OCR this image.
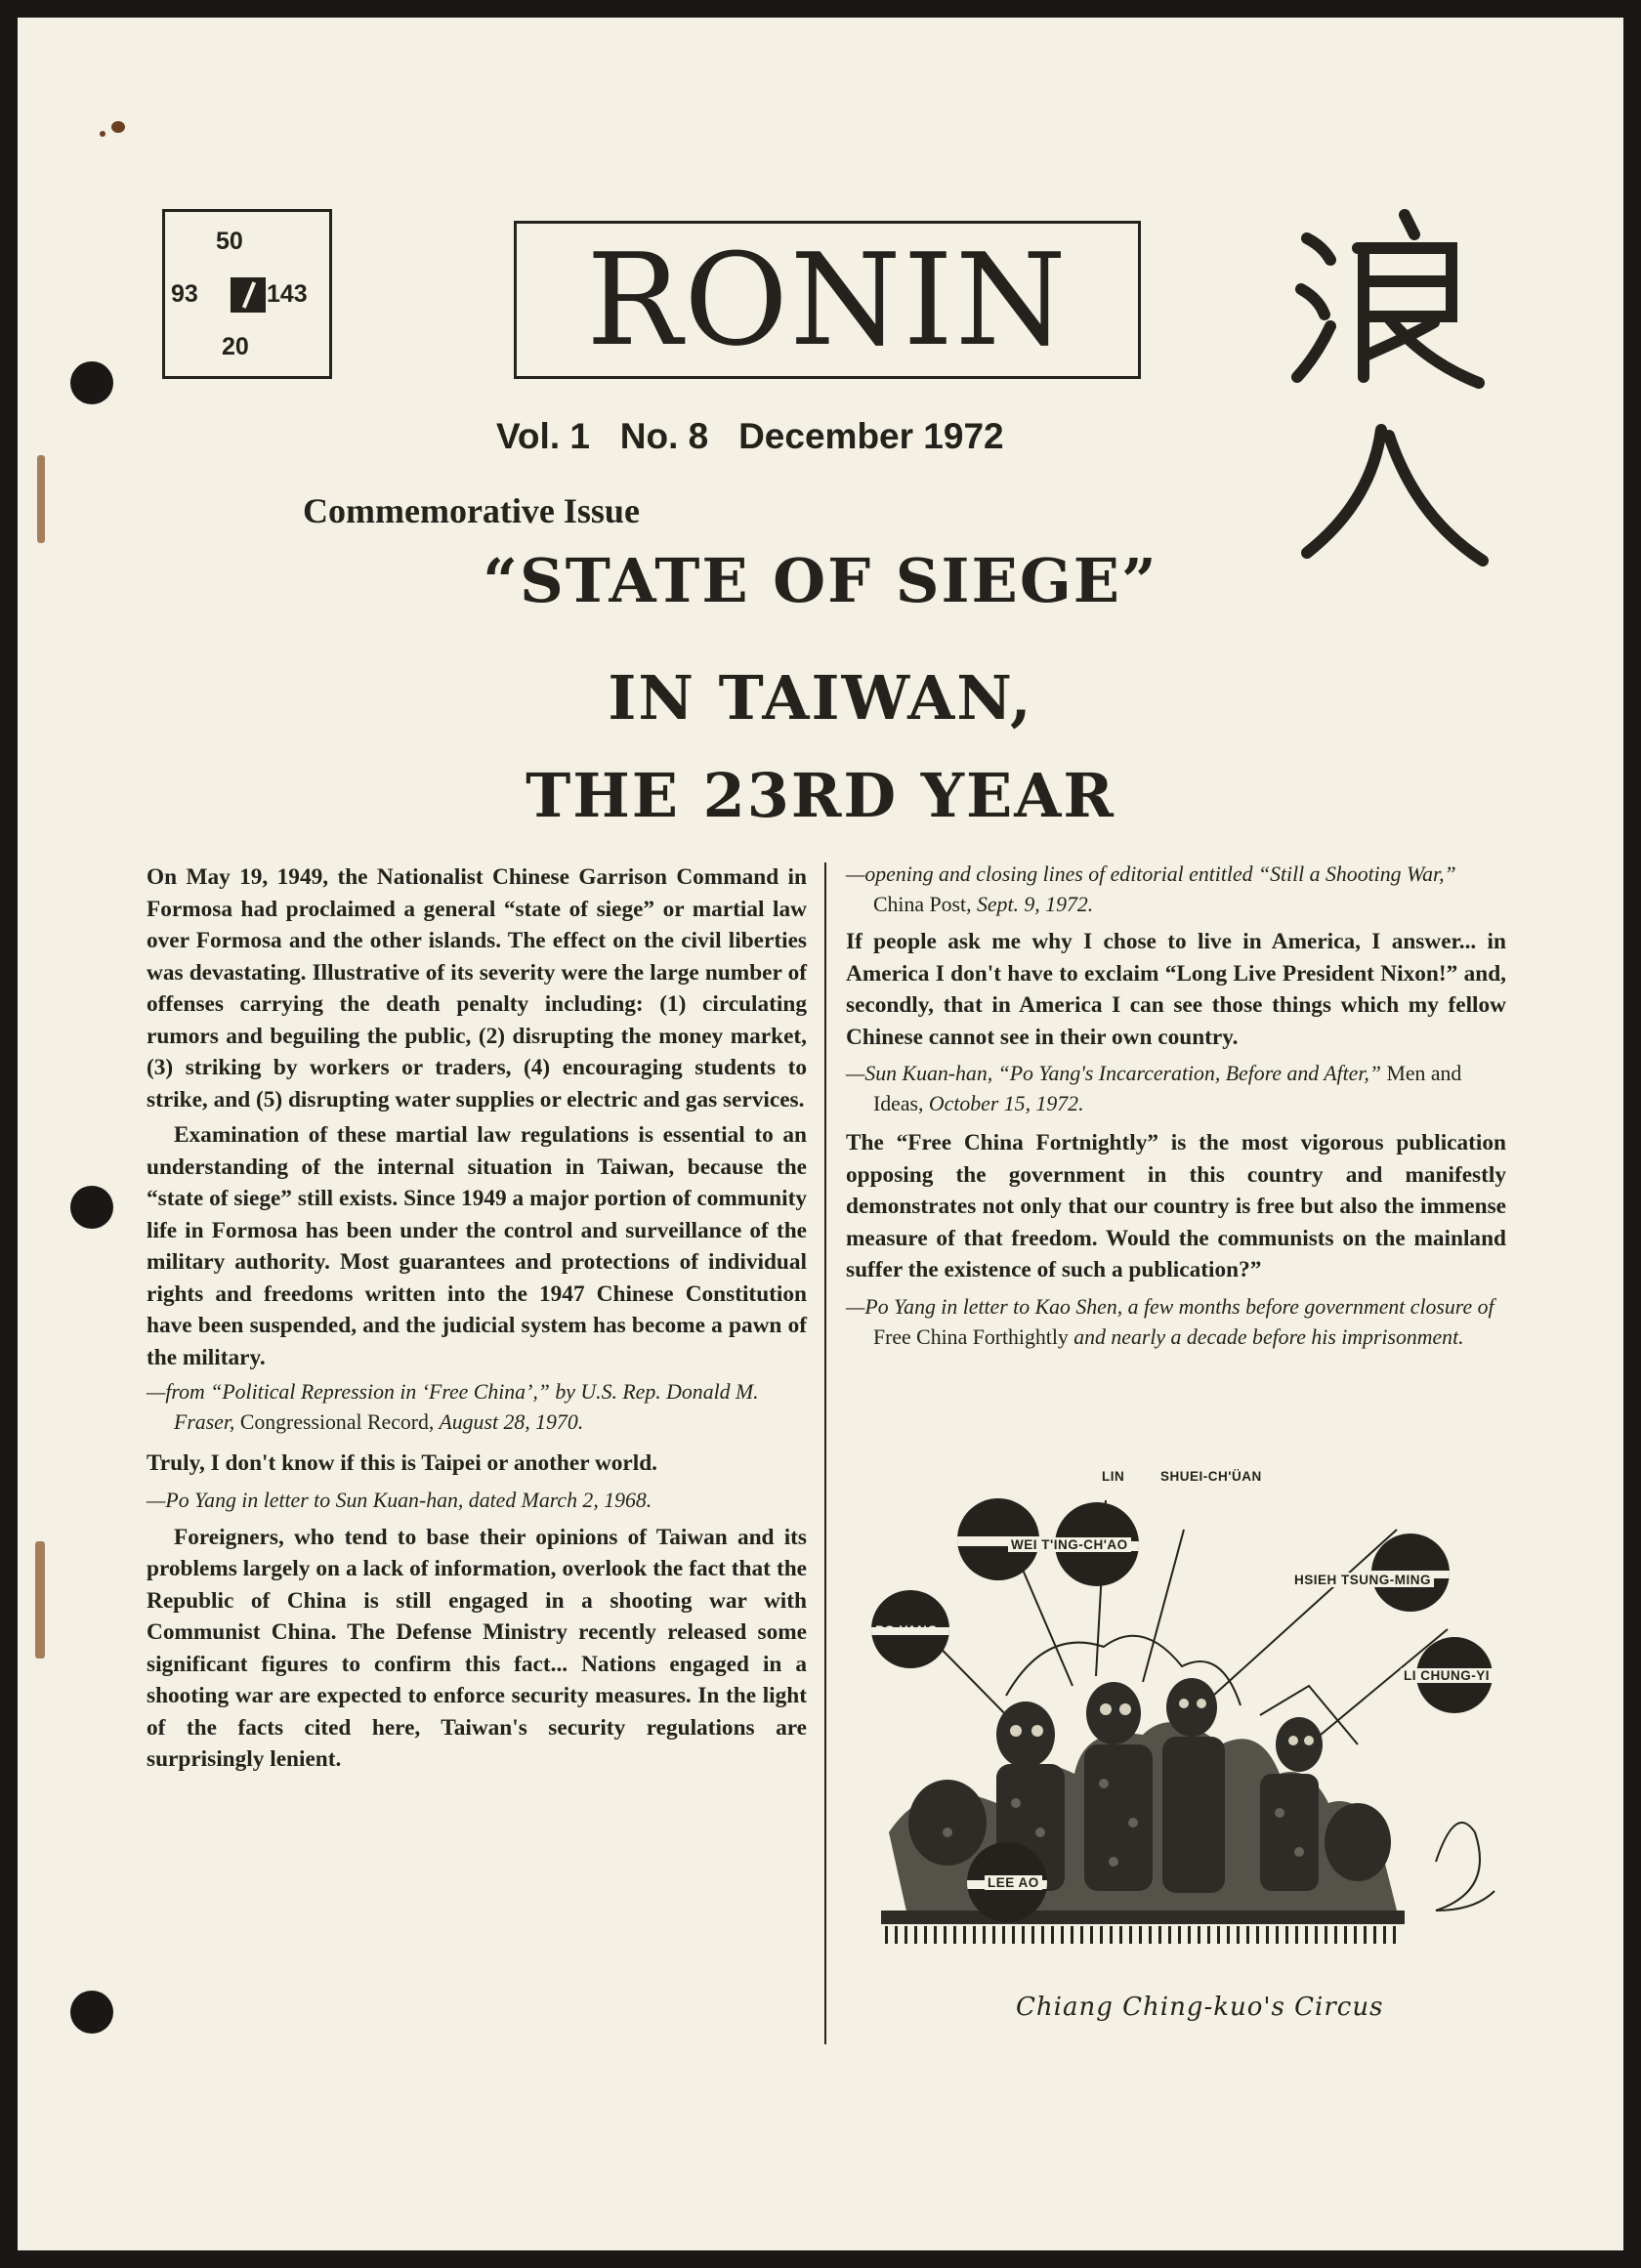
50
93	143
20	RONIN
Vol. 1   No. 8   December 1972
浪人
Commemorative Issue
“STATE OF SIEGE”
IN TAIWAN,
THE 23RD YEAR

On May 19, 1949, the Nationalist Chinese Garrison Command in Formosa had proclaimed a general “state of siege” or martial law over Formosa and the other islands. The effect on the civil liberties was devastating. Illustrative of its severity were the large number of offenses carrying the death penalty including: (1) circulating rumors and beguiling the public, (2) disrupting the money market, (3) striking by workers or traders, (4) encouraging students to strike, and (5) disrupting water supplies or electric and gas services.

Examination of these martial law regulations is essential to an understanding of the internal situation in Taiwan, because the “state of siege” still exists. Since 1949 a major portion of community life in Formosa has been under the control and surveillance of the military authority. Most guarantees and protections of individual rights and freedoms written into the 1947 Chinese Constitution have been suspended, and the judicial system has become a pawn of the military.

—from “Political Repression in ‘Free China’,” by U.S. Rep. Donald M. Fraser, Congressional Record, August 28, 1970.

Truly, I don't know if this is Taipei or another world.

—Po Yang in letter to Sun Kuan-han, dated March 2, 1968.

Foreigners, who tend to base their opinions of Taiwan and its problems largely on a lack of information, overlook the fact that the Republic of China is still engaged in a shooting war with Communist China. The Defense Ministry recently released some significant figures to confirm this fact... Nations engaged in a shooting war are expected to enforce security measures. In the light of the facts cited here, Taiwan's security regulations are surprisingly lenient.

—opening and closing lines of editorial entitled “Still a Shooting War,” China Post, Sept. 9, 1972.

If people ask me why I chose to live in America, I answer... in America I don't have to exclaim “Long Live President Nixon!” and, secondly, that in America I can see those things which my fellow Chinese cannot see in their own country.

—Sun Kuan-han, “Po Yang's Incarceration, Before and After,” Men and Ideas, October 15, 1972.

The “Free China Fortnightly” is the most vigorous publication opposing the government in this country and manifestly demonstrates not only that our country is free but also the immense measure of that freedom. Would the communists on the mainland suffer the existence of such a publication?”

—Po Yang in letter to Kao Shen, a few months before government closure of Free China Forthightly and nearly a decade before his imprisonment.

LIN	SHUEI-CH'ÜAN
WEI T'ING-CH'AO
HSIEH TSUNG-MING
PO YANG
LI CHUNG-YI
LEE AO
Chiang Ching-kuo's Circus
